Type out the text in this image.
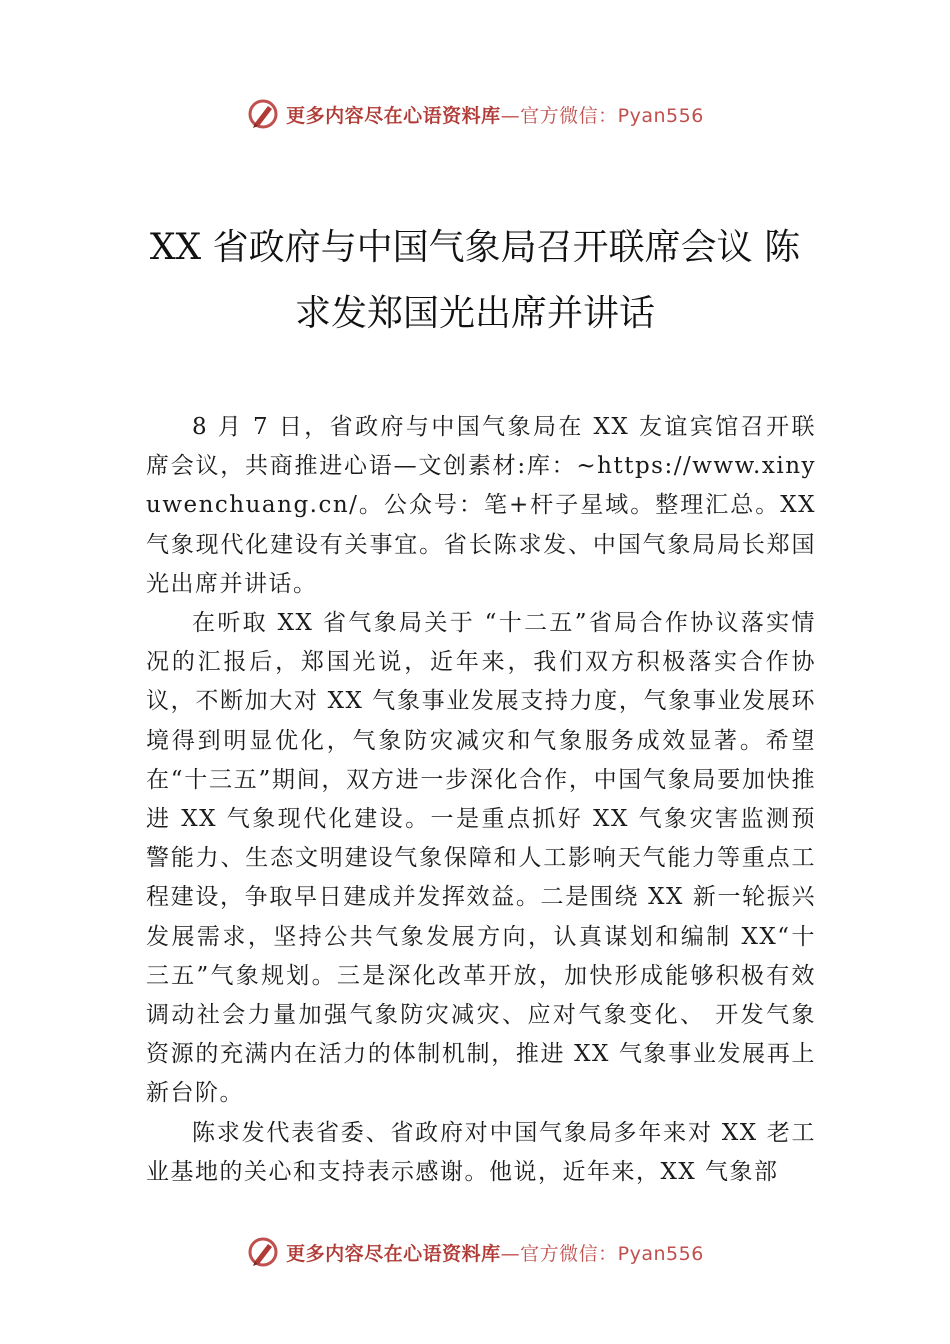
更多内容尽在心语资料库—官方微信：Pyan556
XX 省政府与中国气象局召开联席会议 陈
求发郑国光出席并讲话

8 月 7 日，省政府与中国气象局在 XX 友谊宾馆召开联席会议，共商推进心语—文创素材:库：~https://www.xinyuwenchuang.cn/。公众号：笔+杆子星域。整理汇总。XX 气象现代化建设有关事宜。省长陈求发、中国气象局局长郑国光出席并讲话。

在听取 XX 省气象局关于 “十二五”省局合作协议落实情况的汇报后，郑国光说，近年来，我们双方积极落实合作协议，不断加大对 XX 气象事业发展支持力度，气象事业发展环境得到明显优化，气象防灾减灾和气象服务成效显著。希望在“十三五”期间，双方进一步深化合作，中国气象局要加快推进 XX 气象现代化建设。一是重点抓好 XX 气象灾害监测预警能力、生态文明建设气象保障和人工影响天气能力等重点工程建设，争取早日建成并发挥效益。二是围绕 XX 新一轮振兴发展需求，坚持公共气象发展方向，认真谋划和编制 XX“十三五”气象规划。三是深化改革开放，加快形成能够积极有效调动社会力量加强气象防灾减灾、应对气象变化、 开发气象资源的充满内在活力的体制机制，推进 XX 气象事业发展再上新台阶。

陈求发代表省委、省政府对中国气象局多年来对 XX 老工业基地的关心和支持表示感谢。他说，近年来，XX 气象部

更多内容尽在心语资料库—官方微信：Pyan556
